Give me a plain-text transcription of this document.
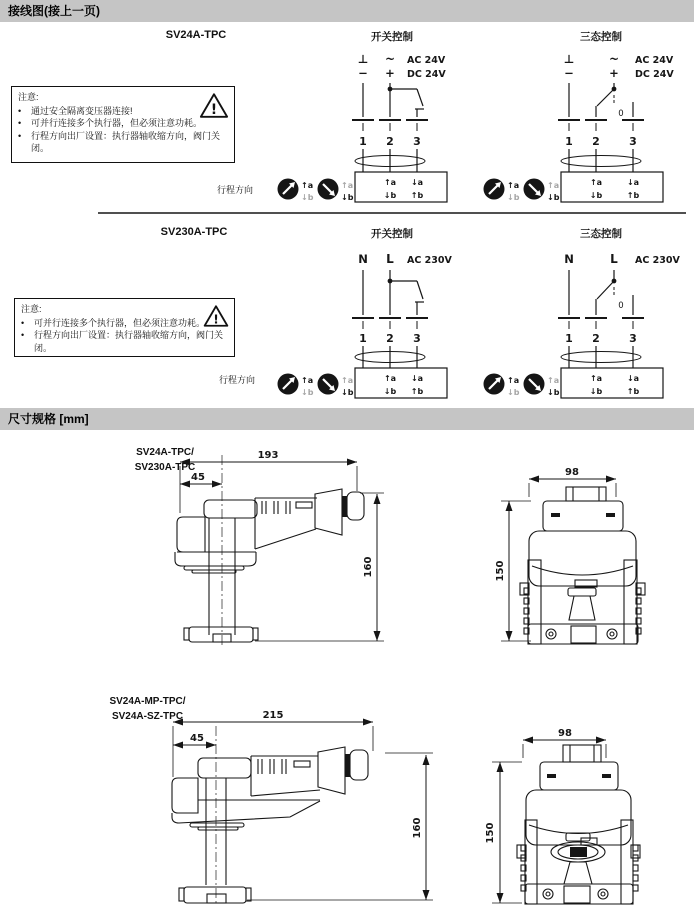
接线图(接上一页)
SV24A-TPC	开关控制	三态控制
注意:
•	通过安全隔离变压器连接!
•	可并行连接多个执行器，但必须注意功耗。
•	行程方向出厂设置：执行器轴收缩方向，阀门关闭。
!
行程方向
SV230A-TPC	开关控制	三态控制
注意:
•	可并行连接多个执行器，但必须注意功耗。
•	行程方向出厂设置：执行器轴收缩方向，阀门关闭。
!
行程方向
尺寸规格 [mm]
SV24A-TPC/
SV230A-TPC
SV24A-MP-TPC/
SV24A-SZ-TPC
193
45
160
98
150
215
45
160
98
150
⊥
−
~
+
AC 24V
DC 24V
1 2 3
↑a
↓b
↓a
↑b
⊥
−
~
+
AC 24V
DC 24V
0
1 2	3
↑a
↓b
↓a
↑b
↑a
↓b
↑a
↓b
↑a
↓b
↑a
↓b
N L AC 230V
1 2 3
↑a
↓b
↓a
↑b
N	L AC 230V
0
1 2	3
↑a
↓b
↓a
↑b
↑a
↓b
↑a
↓b
↑a
↓b
↑a
↓b
